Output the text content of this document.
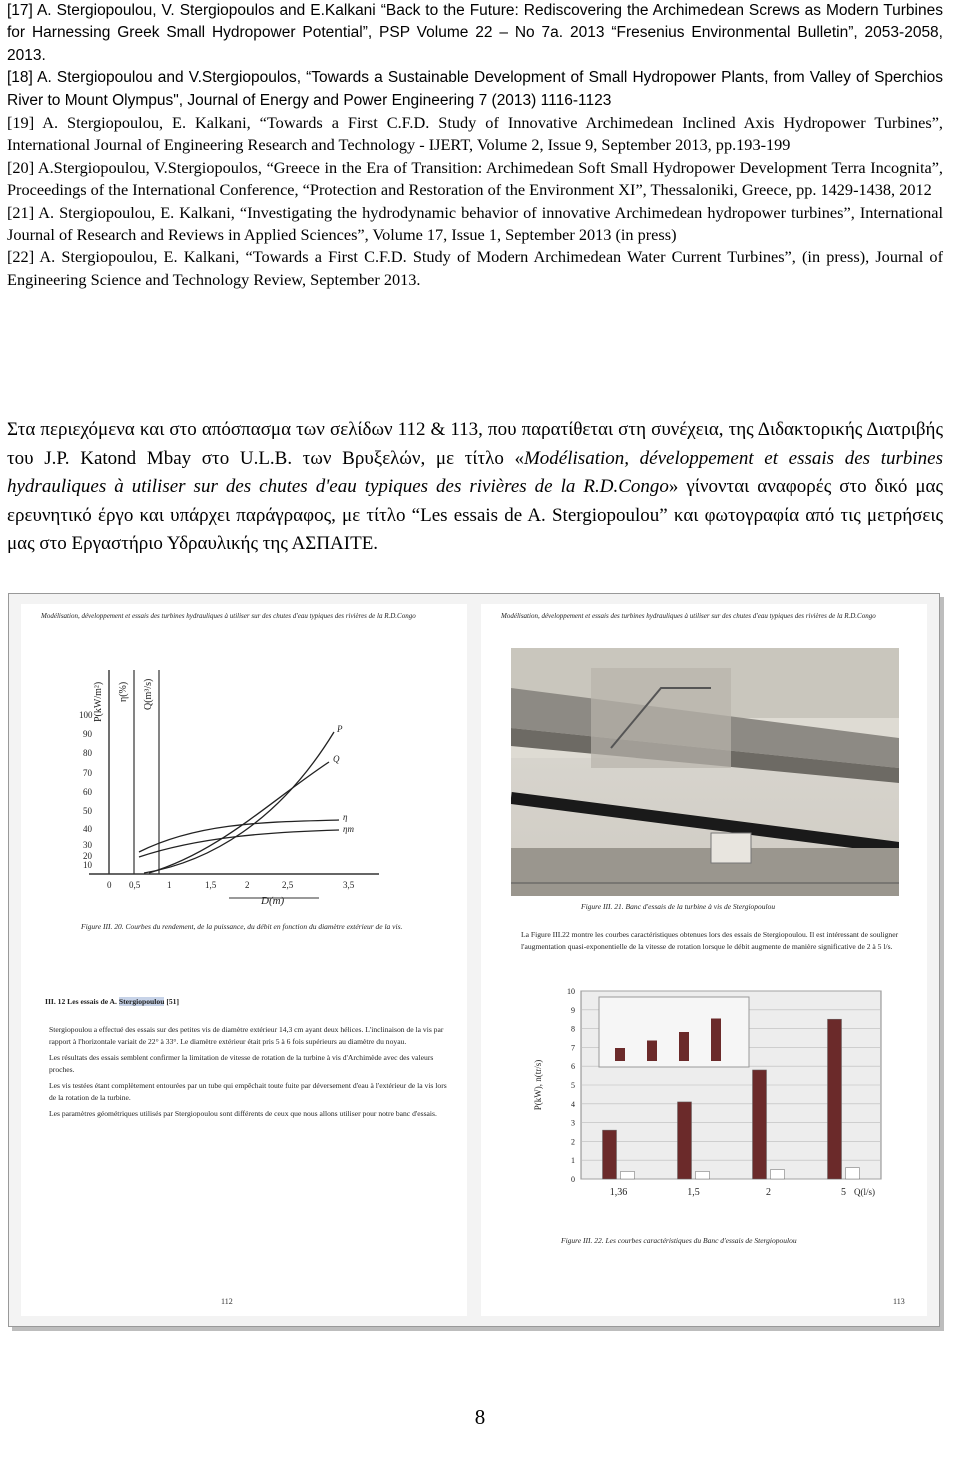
[17] A. Stergiopoulou, V. Stergiopoulos and E.Kalkani “Back to the Future: Rediscovering the Archimedean Screws as Modern Turbines for Harnessing Greek Small Hydropower Potential”, PSP Volume 22 – No 7a. 2013 “Fresenius Environmental Bulletin”, 2053-2058, 2013.

[18] A. Stergiopoulou and V.Stergiopoulos, “Towards a Sustainable Development of Small Hydropower Plants, from Valley of Sperchios River to Mount Olympus", Journal of Energy and Power Engineering 7 (2013) 1116-1123

[19] A. Stergiopoulou, E. Kalkani, “Towards a First C.F.D. Study of Innovative Archimedean Inclined Axis Hydropower Turbines”, International Journal of Engineering Research and Technology - IJERT, Volume 2, Issue 9, September 2013, pp.193-199

[20] A.Stergiopoulou, V.Stergiopoulos, “Greece in the Era of Transition: Archimedean Soft Small Hydropower Development Terra Incognita”, Proceedings of the International Conference, “Protection and Restoration of the Environment XI”, Thessaloniki, Greece, pp. 1429-1438, 2012

[21] A. Stergiopoulou, E. Kalkani, “Investigating the hydrodynamic behavior of innovative Archimedean hydropower turbines”, International Journal of Research and Reviews in Applied Sciences”, Volume 17, Issue 1, September 2013 (in press)

[22] A. Stergiopoulou, E. Kalkani, “Towards a First C.F.D. Study of Modern Archimedean Water Current Turbines”, (in press), Journal of Engineering Science and Technology Review, September 2013.

Στα περιεχόμενα και στο απόσπασμα των σελίδων 112 & 113, που παρατίθεται στη συνέχεια, της Διδακτορικής Διατριβής του J.P. Katond Mbay στο U.L.B. των Βρυξελών, με τίτλο «Modélisation, développement et essais des turbines hydrauliques à utiliser sur des chutes d'eau typiques des rivières de la R.D.Congo» γίνονται αναφορές στο δικό μας ερευνητικό έργο και υπάρχει παράγραφος, με τίτλο “Les essais de A. Stergiopoulou” και φωτογραφία από τις μετρήσεις μας στο Εργαστήριο Υδραυλικής της ΑΣΠΑΙΤΕ.
Modélisation, développement et essais des turbines hydrauliques à utiliser sur des chutes d'eau typiques des rivières de la R.D.Congo
P(kW/m²) η(%) Q(m³/s)
100
90
80
70
60
50
40
30
20
10
0 0,5	1	1,5	2	2,5	3,5
D(m)
P
Q
η
ηm
Figure III. 20. Courbes du rendement, de la puissance, du débit en fonction du diamètre extérieur de la vis.
III. 12 Les essais de A. Stergiopoulou [51]

Stergiopoulou a effectué des essais sur des petites vis de diamètre extérieur 14,3 cm ayant deux hélices. L'inclinaison de la vis par rapport à l'horizontale variait de 22° à 33°. Le diamètre extérieur était pris 5 à 6 fois supérieurs au diamètre du noyau.

Les résultats des essais semblent confirmer la limitation de vitesse de rotation de la turbine à vis d'Archimède avec des valeurs proches.

Les vis testées étant complètement entourées par un tube qui empêchait toute fuite par déversement d'eau à l'extérieur de la vis lors de la rotation de la turbine.

Les paramètres géométriques utilisés par Stergiopoulou sont différents de ceux que nous allons utiliser pour notre banc d'essais.

112
Modélisation, développement et essais des turbines hydrauliques à utiliser sur des chutes d'eau typiques des rivières de la R.D.Congo
Figure III. 21. Banc d'essais de la turbine à vis de Stergiopoulou
La Figure III.22 montre les courbes caractéristiques obtenues lors des essais de Stergiopoulou. Il est intéressant de souligner l'augmentation quasi-exponentielle de la vitesse de rotation lorsque le débit augmente de manière significative de 2 à 5 l/s.
0
1
2
3
4
5
6
7
8
9
10
1,36	1,5	2	5 Q(l/s)
P(kW), n(tr/s)
Figure III. 22. Les courbes caractéristiques du Banc d'essais de Stergiopoulou
113
8
